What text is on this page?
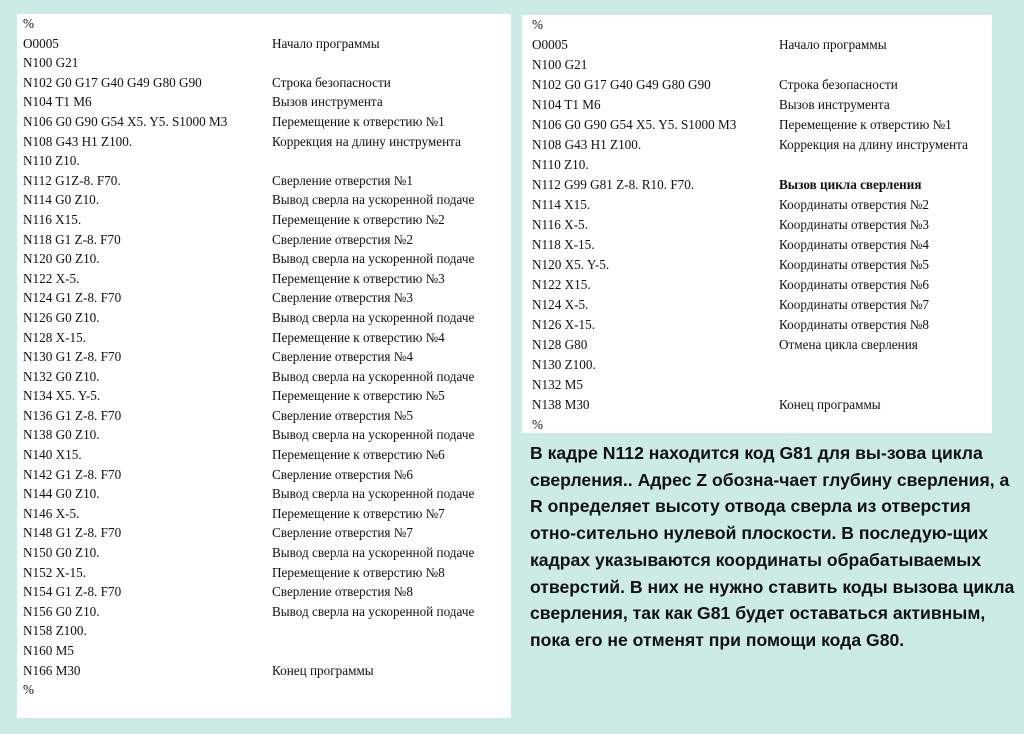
%
O0005	Начало программы
N100 G21
N102 G0 G17 G40 G49 G80 G90	Строка безопасности
N104 T1 M6	Вызов инструмента
N106 G0 G90 G54 X5. Y5. S1000 M3	Перемещение к отверстию №1
N108 G43 H1 Z100.	Коррекция на длину инструмента
N110 Z10.
N112 G1Z-8. F70.	Сверление отверстия №1
N114 G0 Z10.	Вывод сверла на ускоренной подаче
N116 X15.	Перемещение к отверстию №2
N118 G1 Z-8. F70	Сверление отверстия №2
N120 G0 Z10.	Вывод сверла на ускоренной подаче
N122 X-5.	Перемещение к отверстию №3
N124 G1 Z-8. F70	Сверление отверстия №3
N126 G0 Z10.	Вывод сверла на ускоренной подаче
N128 X-15.	Перемещение к отверстию №4
N130 G1 Z-8. F70	Сверление отверстия №4
N132 G0 Z10.	Вывод сверла на ускоренной подаче
N134 X5. Y-5.	Перемещение к отверстию №5
N136 G1 Z-8. F70	Сверление отверстия №5
N138 G0 Z10.	Вывод сверла на ускоренной подаче
N140 X15.	Перемещение к отверстию №6
N142 G1 Z-8. F70	Сверление отверстия №6
N144 G0 Z10.	Вывод сверла на ускоренной подаче
N146 X-5.	Перемещение к отверстию №7
N148 G1 Z-8. F70	Сверление отверстия №7
N150 G0 Z10.	Вывод сверла на ускоренной подаче
N152 X-15.	Перемещение к отверстию №8
N154 G1 Z-8. F70	Сверление отверстия №8
N156 G0 Z10.	Вывод сверла на ускоренной подаче
N158 Z100.
N160 M5
N166 M30	Конец программы
%
%
O0005	Начало программы
N100 G21
N102 G0 G17 G40 G49 G80 G90	Строка безопасности
N104 T1 M6	Вызов инструмента
N106 G0 G90 G54 X5. Y5. S1000 M3	Перемещение к отверстию №1
N108 G43 H1 Z100.	Коррекция на длину инструмента
N110 Z10.
N112 G99 G81 Z-8. R10. F70.	Вызов цикла сверления
N114 X15.	Координаты отверстия №2
N116 X-5.	Координаты отверстия №3
N118 X-15.	Координаты отверстия №4
N120 X5. Y-5.	Координаты отверстия №5
N122 X15.	Координаты отверстия №6
N124 X-5.	Координаты отверстия №7
N126 X-15.	Координаты отверстия №8
N128 G80	Отмена цикла сверления
N130 Z100.
N132 M5
N138 M30	Конец программы
%

В кадре N112 находится код G81 для вы-зова цикла сверления.. Адрес Z обозна-чает глубину сверления, а R определяет высоту отвода сверла из отверстия отно-сительно нулевой плоскости. В последую-щих кадрах указываются координаты обрабатываемых отверстий. В них не нужно ставить коды вызова цикла сверления, так как G81 будет оставаться активным, пока его не отменят при помощи кода G80.
